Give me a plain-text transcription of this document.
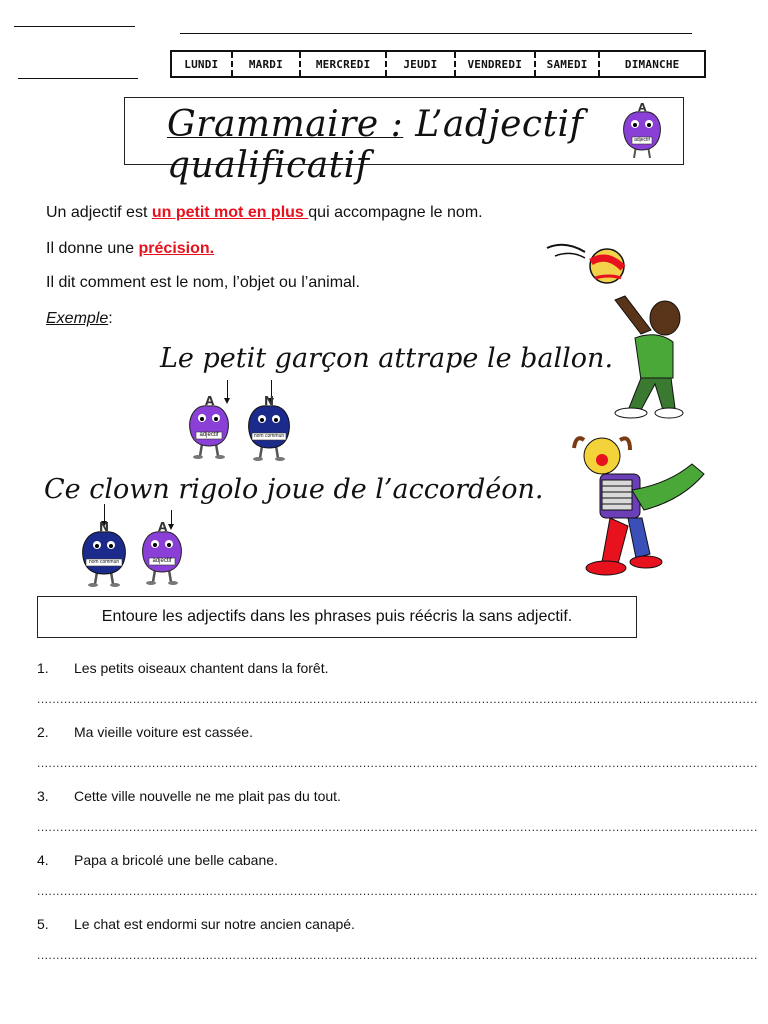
LUNDI	MARDI	MERCREDI	JEUDI	VENDREDI	SAMEDI	DIMANCHE
Grammaire : L’adjectif qualificatif
A
adjectif
Un adjectif est un petit mot en plus qui accompagne le nom.
Il donne une précision.
Il dit comment est le nom, l’objet ou l’animal.
Exemple:
Le petit garçon attrape le ballon.
A
adjectif
N
nom commun
Ce clown rigolo joue de l’accordéon.
N
nom commun
A
adjectif
Entoure les adjectifs dans les phrases puis réécris la sans adjectif.
1. Les petits oiseaux chantent dans la forêt.
............................................................................................................................................................................................
2. Ma vieille voiture est cassée.
............................................................................................................................................................................................
3. Cette ville nouvelle ne me plait pas du tout.
............................................................................................................................................................................................
4. Papa a bricolé une belle cabane.
............................................................................................................................................................................................
5. Le chat est endormi sur notre ancien canapé.
............................................................................................................................................................................................
